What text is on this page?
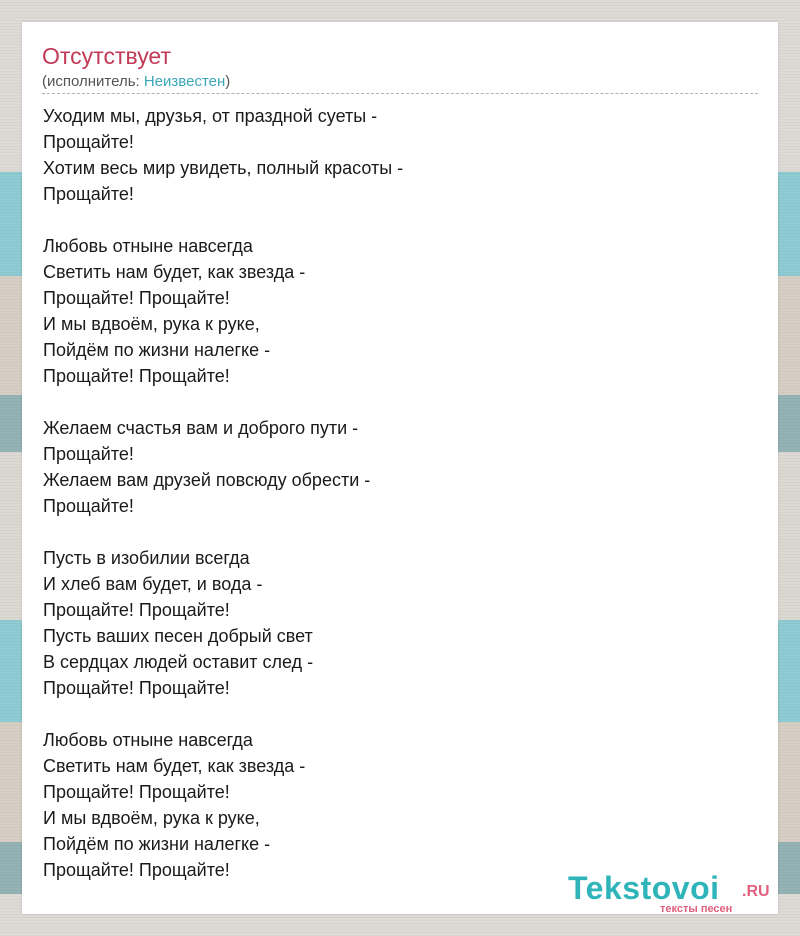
Отсутствует
(исполнитель: Неизвестен)
Уходим мы, друзья, от праздной суеты -
Прощайте!
Хотим весь мир увидеть, полный красоты -
Прощайте!

Любовь отныне навсегда
Светить нам будет, как звезда -
Прощайте! Прощайте!
И мы вдвоём, рука к руке,
Пойдём по жизни налегке -
Прощайте! Прощайте!

Желаем счастья вам и доброго пути -
Прощайте!
Желаем вам друзей повсюду обрести -
Прощайте!

Пусть в изобилии всегда
И хлеб вам будет, и вода -
Прощайте! Прощайте!
Пусть ваших песен добрый свет
В сердцах людей оставит след -
Прощайте! Прощайте!

Любовь отныне навсегда
Светить нам будет, как звезда -
Прощайте! Прощайте!
И мы вдвоём, рука к руке,
Пойдём по жизни налегке -
Прощайте! Прощайте!	Tekstovoi .RU
тексты песен
